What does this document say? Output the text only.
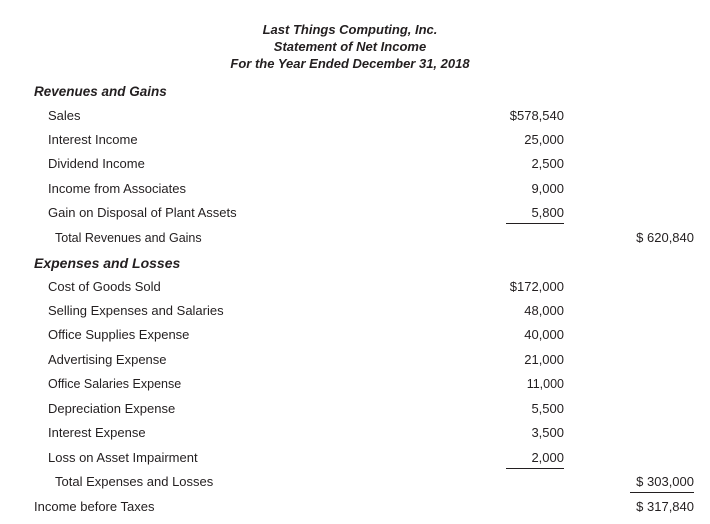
Last Things Computing, Inc.
Statement of Net Income
For the Year Ended December 31, 2018
Revenues and Gains
Sales	$578,540
Interest Income	25,000
Dividend Income	2,500
Income from Associates	9,000
Gain on Disposal of Plant Assets	5,800
Total Revenues and Gains	$ 620,840
Expenses and Losses
Cost of Goods Sold	$172,000
Selling Expenses and Salaries	48,000
Office Supplies Expense	40,000
Advertising Expense	21,000
Office Salaries Expense	11,000
Depreciation Expense	5,500
Interest Expense	3,500
Loss on Asset Impairment	2,000
Total Expenses and Losses	$ 303,000
Income before Taxes	$ 317,840
